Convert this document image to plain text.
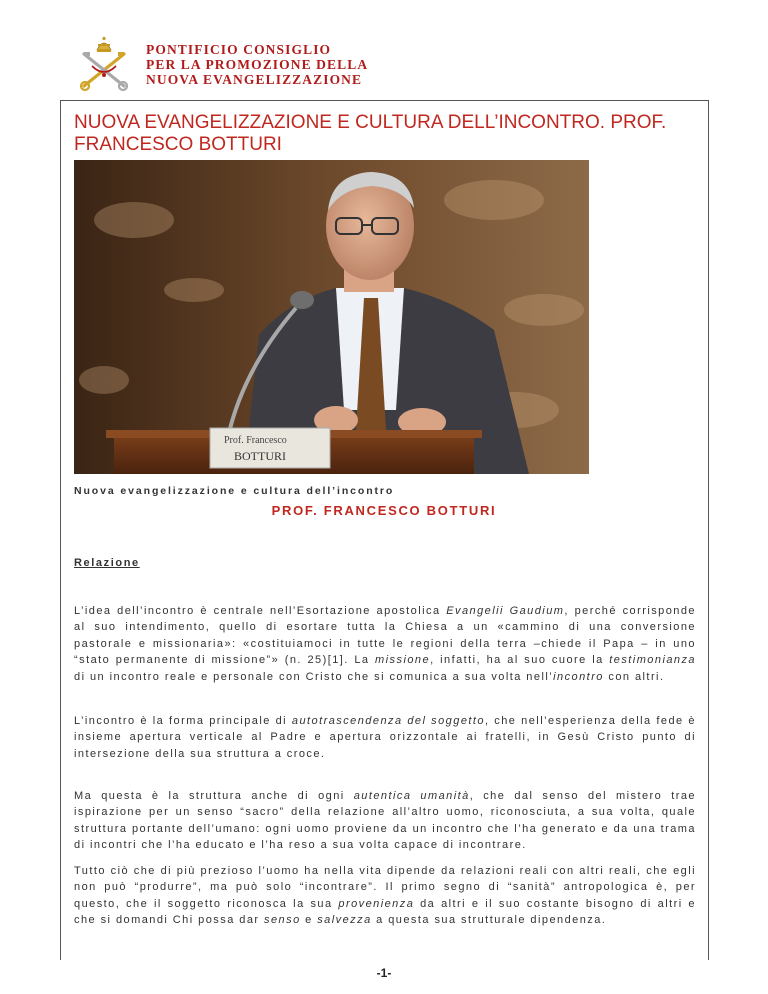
PONTIFICIO CONSIGLIO
PER LA PROMOZIONE DELLA
NUOVA EVANGELIZZAZIONE
NUOVA EVANGELIZZAZIONE E CULTURA DELL’INCONTRO. PROF. FRANCESCO BOTTURI
Prof. Francesco
BOTTURI
Nuova evangelizzazione e cultura dell’incontro
PROF. FRANCESCO BOTTURI
Relazione

L’idea dell’incontro è centrale nell’Esortazione apostolica Evangelii Gaudium, perché corrisponde al suo intendimento, quello di esortare tutta la Chiesa a un «cammino di una conversione pastorale e missionaria»: «costituiamoci in tutte le regioni della terra –chiede il Papa – in uno “stato permanente di missione”» (n. 25)[1]. La missione, infatti, ha al suo cuore la testimonianza di un incontro reale e personale con Cristo che si comunica a sua volta nell’incontro con altri.

L’incontro è la forma principale di autotrascendenza del soggetto, che nell’esperienza della fede è insieme apertura verticale al Padre e apertura orizzontale ai fratelli, in Gesù Cristo punto di intersezione della sua struttura a croce.

Ma questa è la struttura anche di ogni autentica umanità, che dal senso del mistero trae ispirazione per un senso “sacro” della relazione all’altro uomo, riconosciuta, a sua volta, quale struttura portante dell’umano: ogni uomo proviene da un incontro che l’ha generato e da una trama di incontri che l’ha educato e l’ha reso a sua volta capace di incontrare.

Tutto ciò che di più prezioso l’uomo ha nella vita dipende da relazioni reali con altri reali, che egli non può “produrre”, ma può solo “incontrare”. Il primo segno di “sanità” antropologica è, per questo, che il soggetto riconosca la sua provenienza da altri e il suo costante bisogno di altri e che si domandi Chi possa dar senso e salvezza a questa sua strutturale dipendenza.

-1-
